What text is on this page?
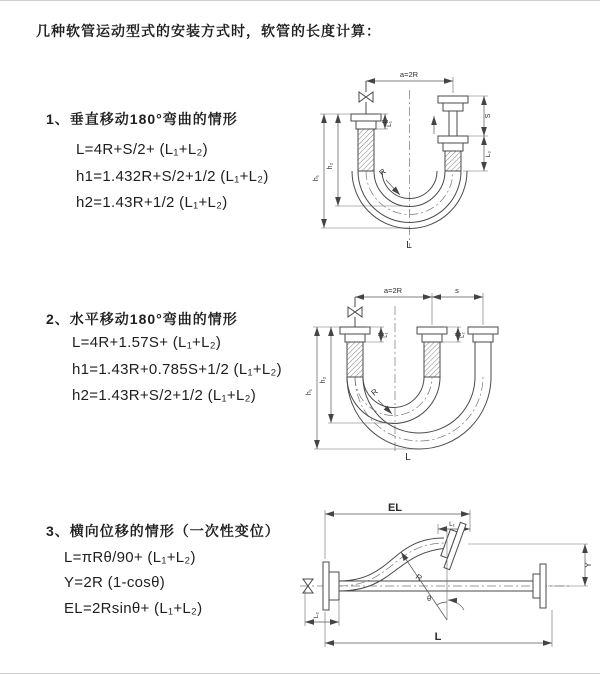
几种软管运动型式的安装方式时，软管的长度计算：
1、垂直移动180°弯曲的情形
L=4R+S/2+ (L₁+L₂)
h1=1.432R+S/2+1/2 (L₁+L₂)
h2=1.43R+1/2 (L₁+L₂)
a=2R
L₁
S
L₂
h₂
h₁
R
L
2、水平移动180°弯曲的情形
L=4R+1.57S+ (L₁+L₂)
h1=1.43R+0.785S+1/2 (L₁+L₂)
h2=1.43R+S/2+1/2 (L₁+L₂)
a=2R	s
L₁	L₂
h₂
h₁	R
L
3、横向位移的情形（一次性变位）
L=πRθ/90+ (L₁+L₂)
Y=2R (1-cosθ)
EL=2Rsinθ+ (L₁+L₂)
EL
L₁
θ
R
Y
L₂
L
